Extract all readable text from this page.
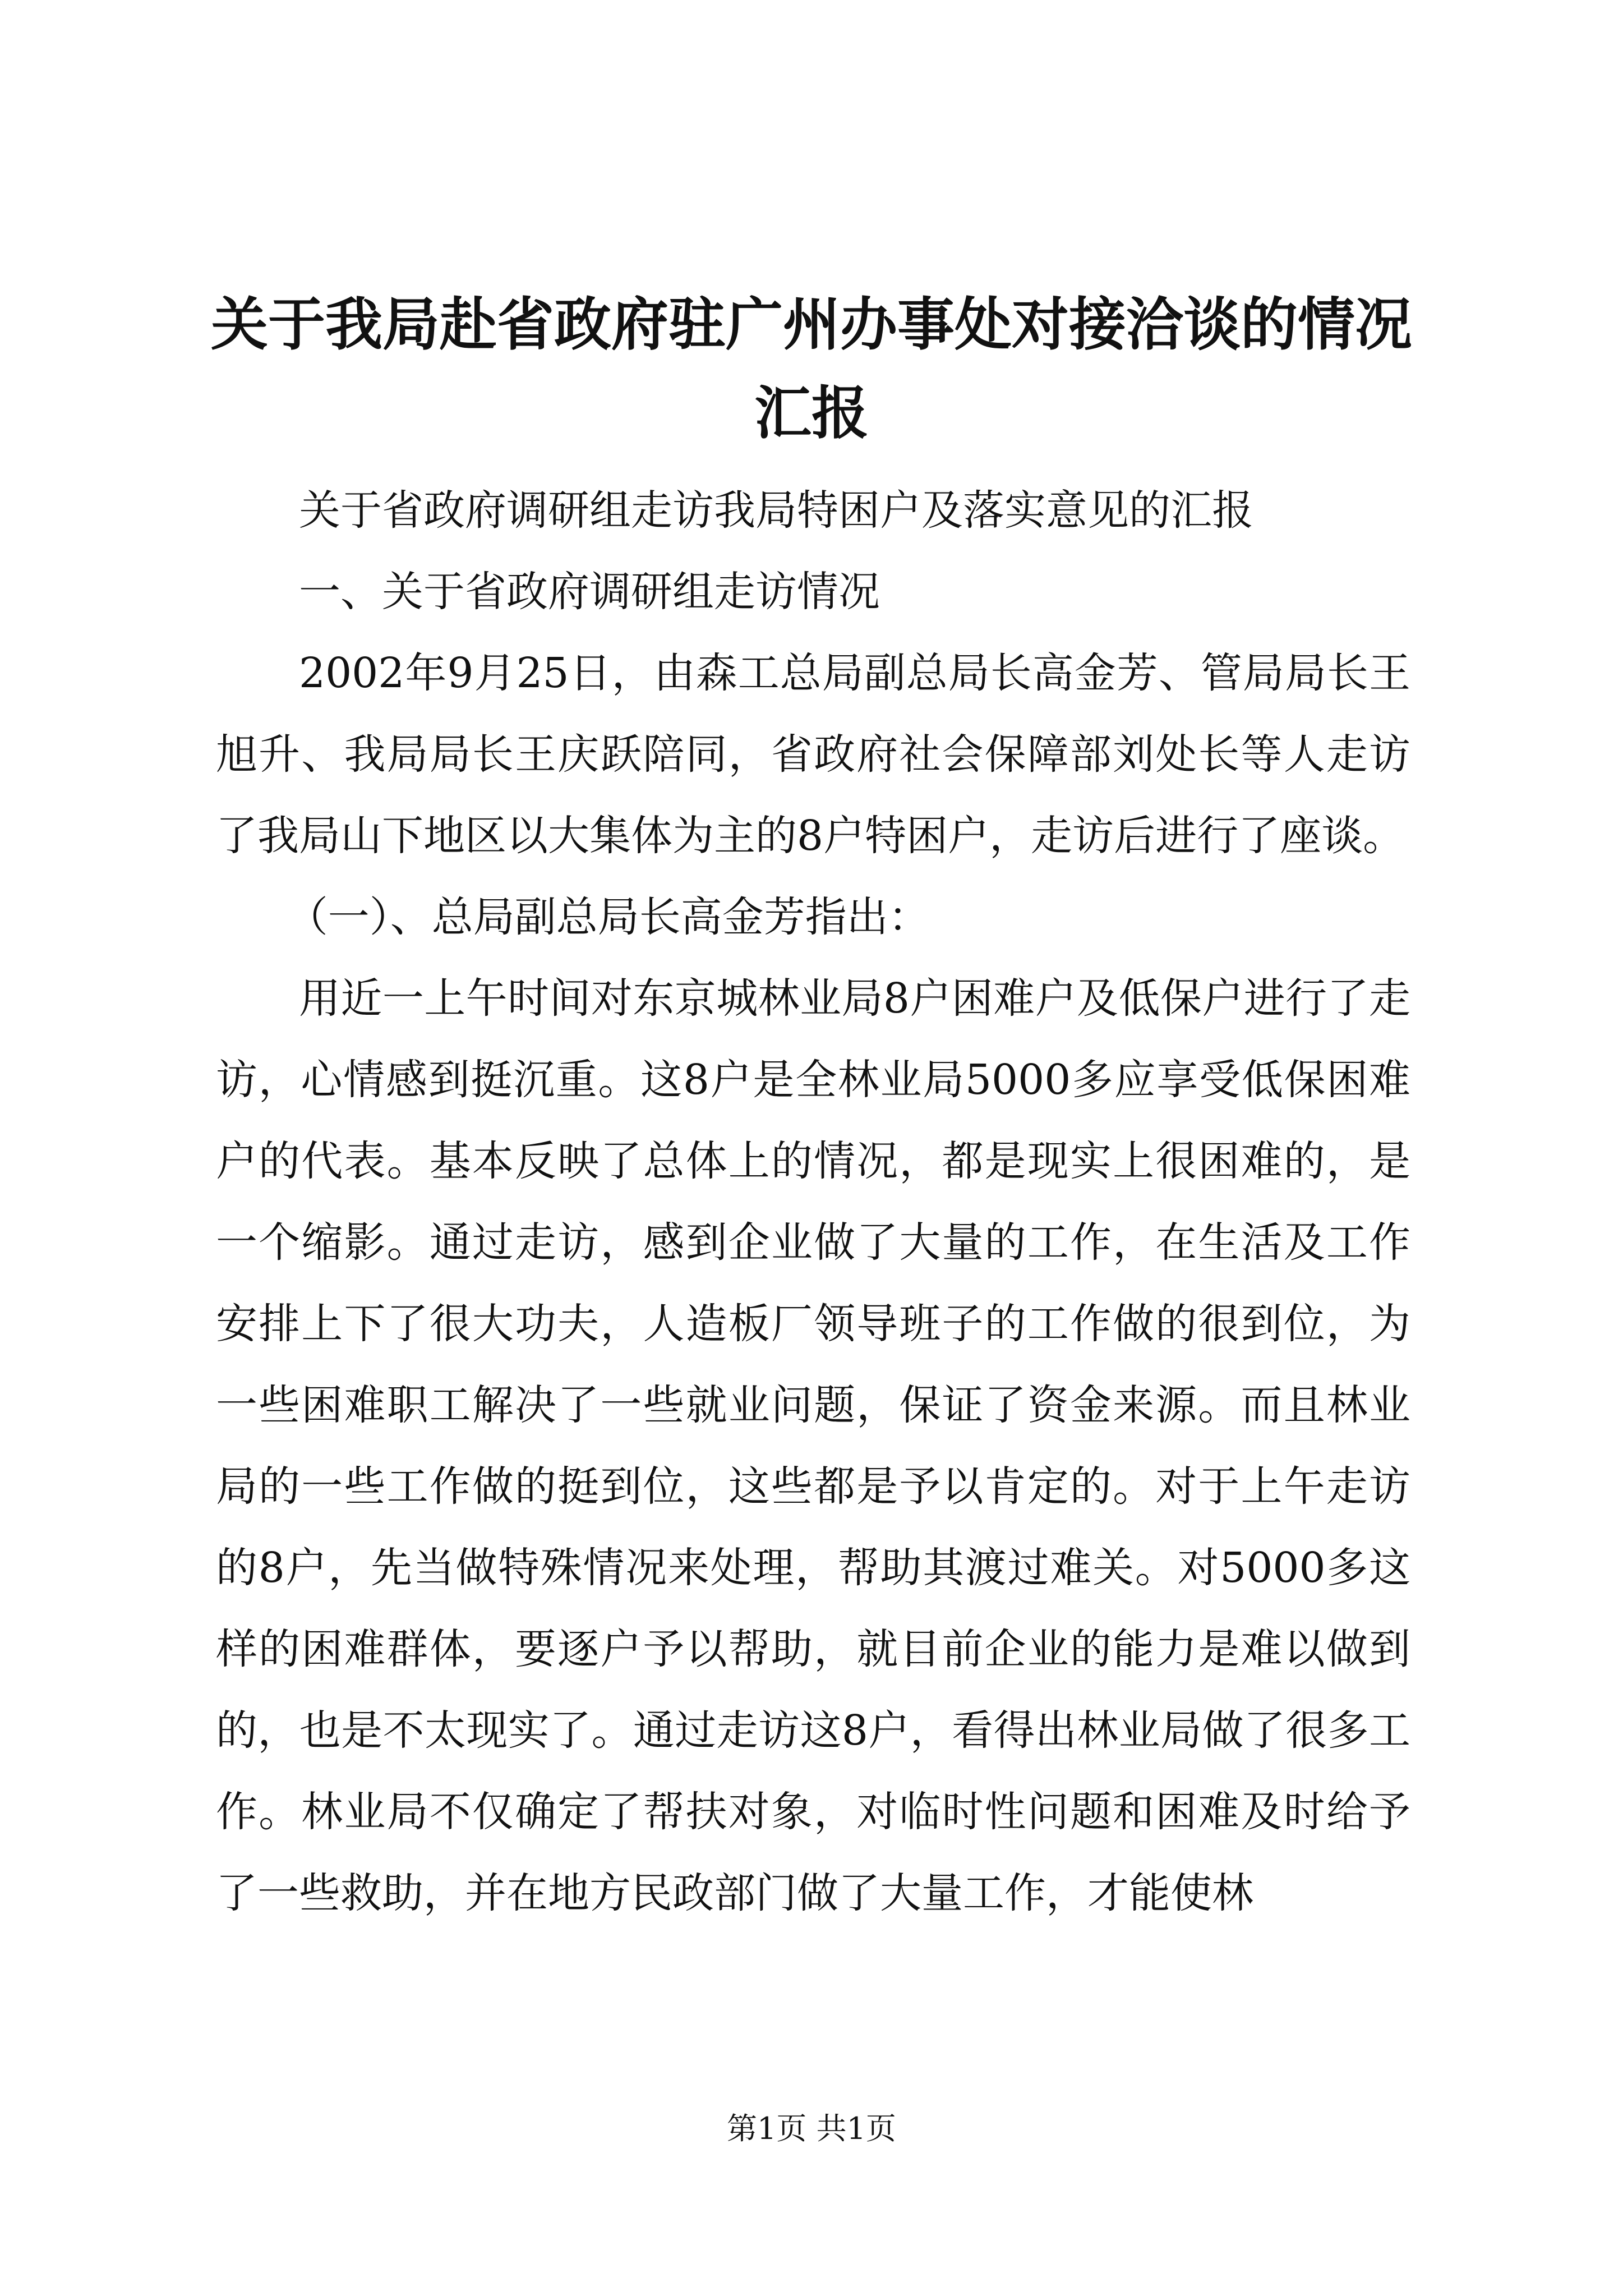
关于我局赴省政府驻广州办事处对接洽谈的情况汇报

关于省政府调研组走访我局特困户及落实意见的汇报

一、关于省政府调研组走访情况

2002年9月25日，由森工总局副总局长高金芳、管局局长王旭升、我局局长王庆跃陪同，省政府社会保障部刘处长等人走访了我局山下地区以大集体为主的8户特困户，走访后进行了座谈。

（一）、总局副总局长高金芳指出：

用近一上午时间对东京城林业局8户困难户及低保户进行了走访，心情感到挺沉重。这8户是全林业局5000多应享受低保困难户的代表。基本反映了总体上的情况，都是现实上很困难的，是一个缩影。通过走访，感到企业做了大量的工作，在生活及工作安排上下了很大功夫，人造板厂领导班子的工作做的很到位，为一些困难职工解决了一些就业问题，保证了资金来源。而且林业局的一些工作做的挺到位，这些都是予以肯定的。对于上午走访的8户，先当做特殊情况来处理，帮助其渡过难关。对5000多这样的困难群体，要逐户予以帮助，就目前企业的能力是难以做到的，也是不太现实了。通过走访这8户，看得出林业局做了很多工作。林业局不仅确定了帮扶对象，对临时性问题和困难及时给予了一些救助，并在地方民政部门做了大量工作，才能使林

第1页 共1页
